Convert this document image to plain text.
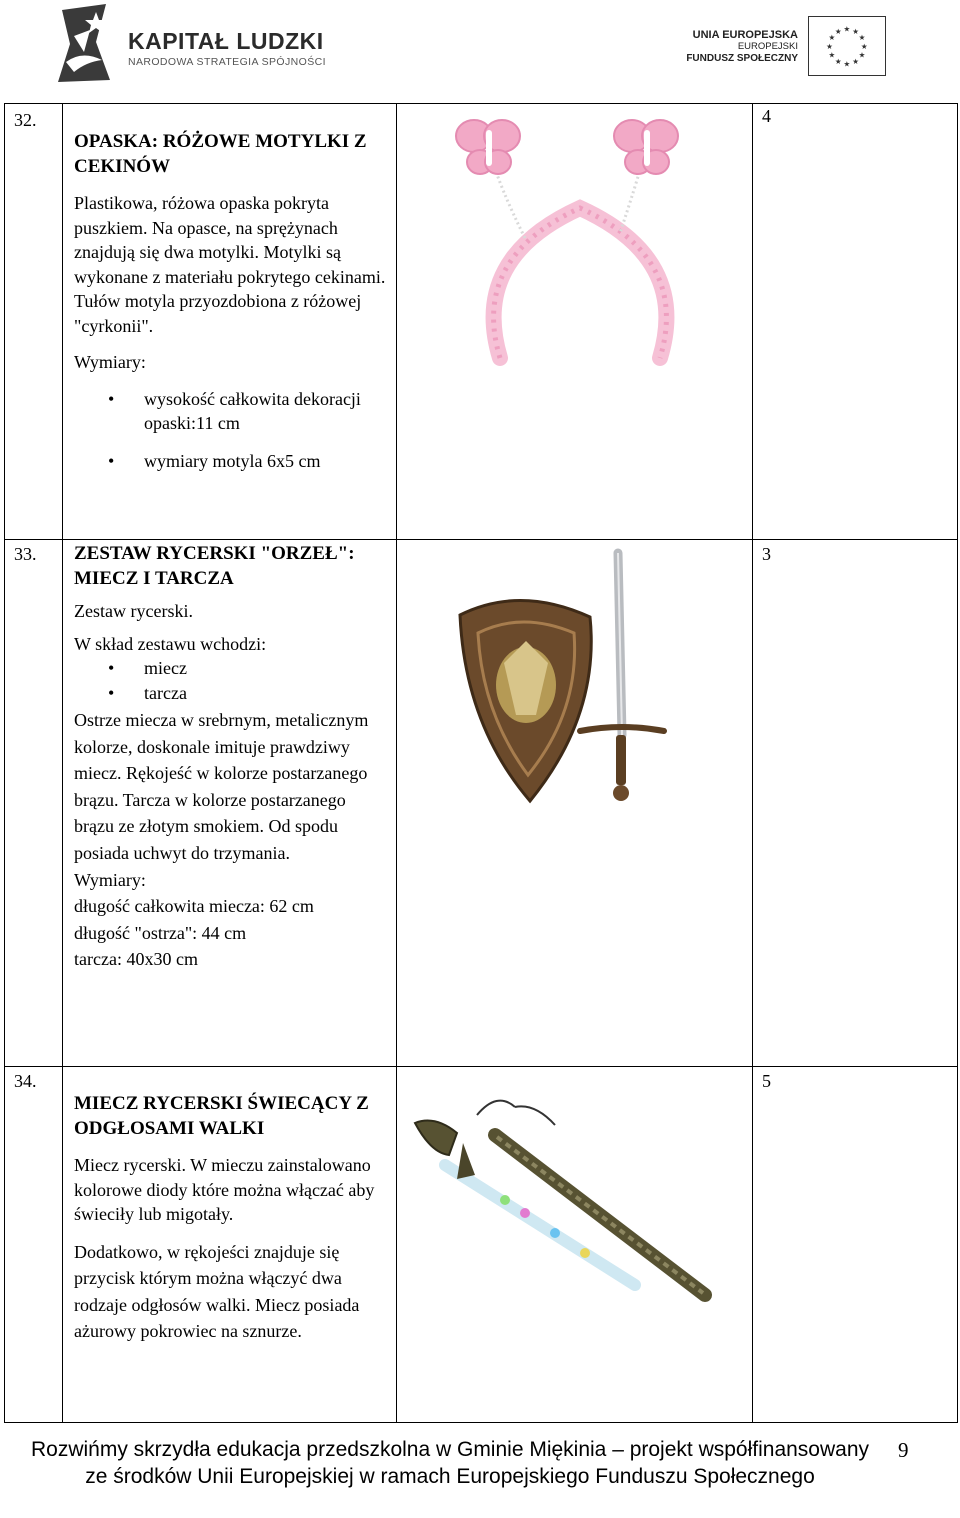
KAPITAŁ LUDZKI
NARODOWA STRATEGIA SPÓJNOŚCI
UNIA EUROPEJSKA
EUROPEJSKI
FUNDUSZ SPOŁECZNY
★
★
★
★
★
★
★
★
★ ★ ★
★
32.

OPASKA: RÓŻOWE MOTYLKI Z CEKINÓW

Plastikowa, różowa opaska pokryta puszkiem. Na opasce, na sprężynach znajdują się dwa motylki. Motylki są wykonane z materiału pokrytego cekinami. Tułów motyla przyozdobiona z różowej "cyrkonii".

Wymiary:

• wysokość całkowita dekoracji opaski:11 cm
• wymiary motyla 6x5 cm
4
33. ZESTAW RYCERSKI "ORZEŁ": MIECZ I TARCZA

Zestaw rycerski.

W skład zestawu wchodzi:

• miecz
• tarcza

Ostrze miecza w srebrnym, metalicznym kolorze, doskonale imituje prawdziwy miecz. Rękojeść w kolorze postarzanego brązu. Tarcza w kolorze postarzanego brązu ze złotym smokiem. Od spodu posiada uchwyt do trzymania.

Wymiary:

długość całkowita miecza: 62 cm

długość "ostrza": 44 cm

tarcza: 40x30 cm

3
34.

MIECZ RYCERSKI ŚWIECĄCY Z ODGŁOSAMI WALKI

Miecz rycerski. W mieczu zainstalowano kolorowe diody które można włączać aby świeciły lub migotały.

Dodatkowo, w rękojeści znajduje się przycisk którym można włączyć dwa rodzaje odgłosów walki. Miecz posiada ażurowy pokrowiec na sznurze.

5
Rozwińmy skrzydła edukacja przedszkolna w Gminie Miękinia – projekt współfinansowany ze środków Unii Europejskiej w ramach Europejskiego Funduszu Społecznego
9
